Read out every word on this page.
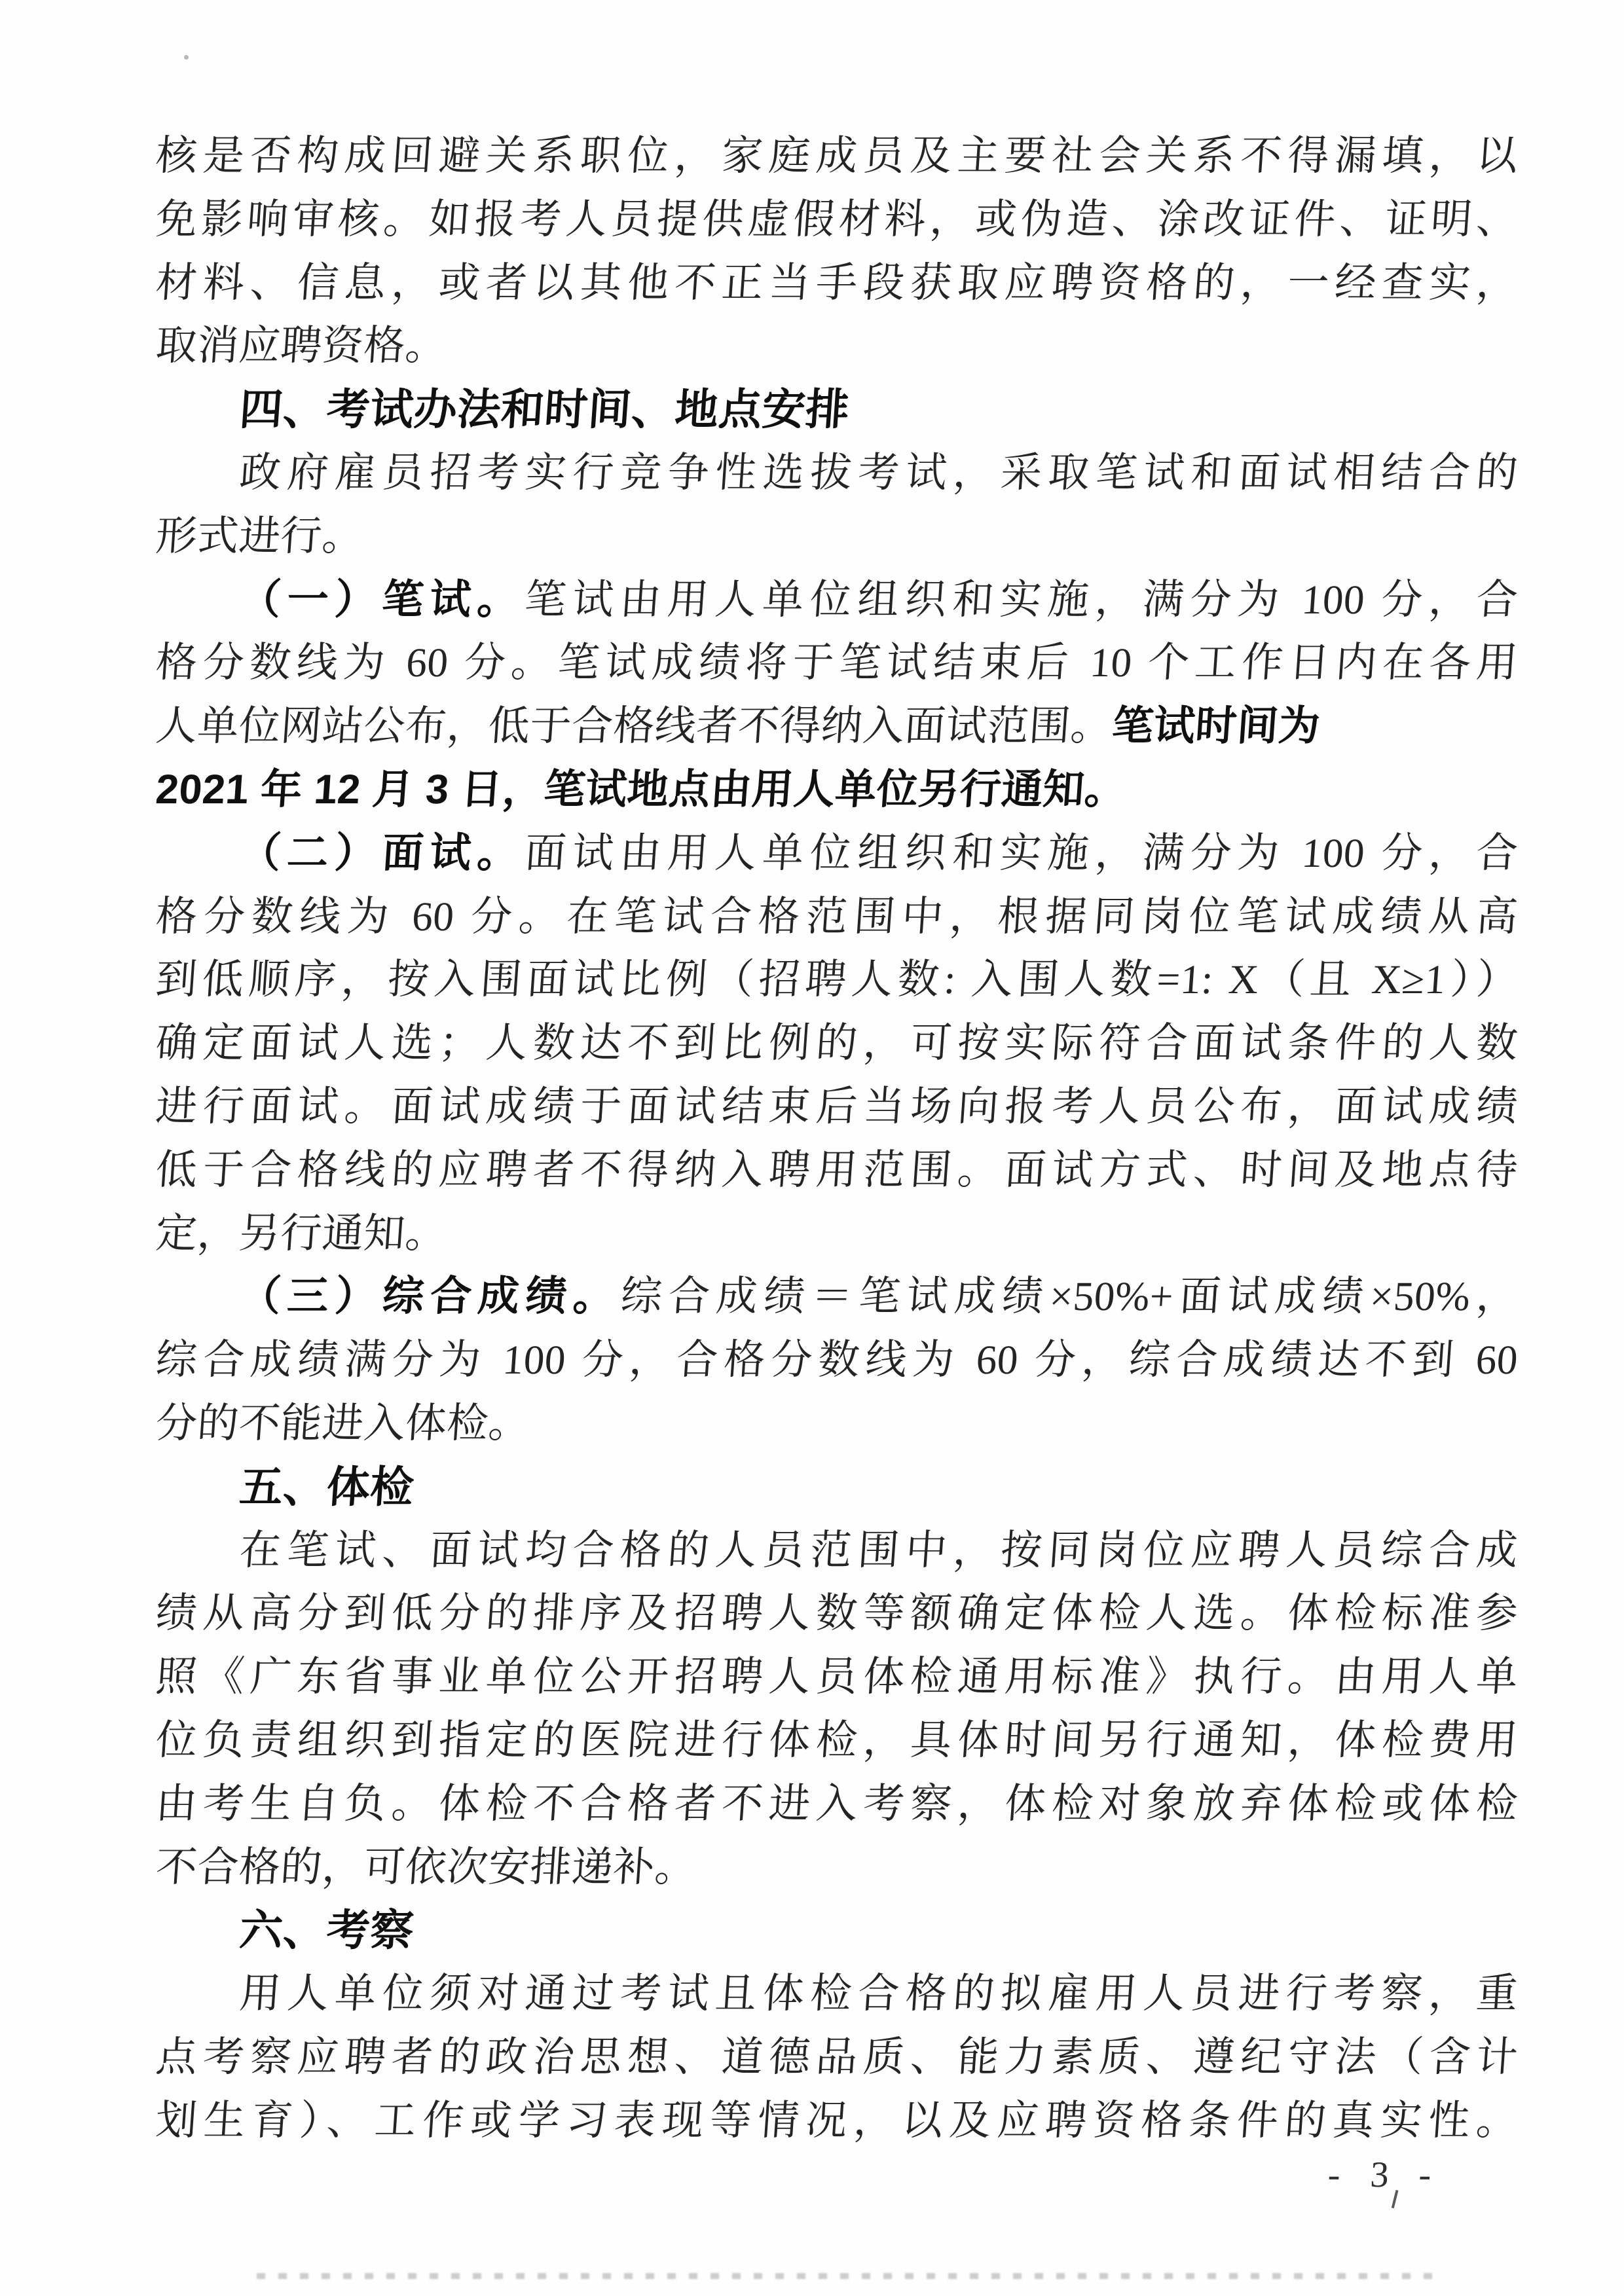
核是否构成回避关系职位，家庭成员及主要社会关系不得漏填，以
免影响审核。如报考人员提供虚假材料，或伪造、涂改证件、证明、
材料、信息，或者以其他不正当手段获取应聘资格的，一经查实，
取消应聘资格。
四、考试办法和时间、地点安排
政府雇员招考实行竞争性选拔考试，采取笔试和面试相结合的
形式进行。
（一）笔试。笔试由用人单位组织和实施，满分为 100 分，合
格分数线为 60 分。笔试成绩将于笔试结束后 10 个工作日内在各用
人单位网站公布，低于合格线者不得纳入面试范围。笔试时间为
2021 年 12 月 3 日，笔试地点由用人单位另行通知。
（二）面试。面试由用人单位组织和实施，满分为 100 分，合
格分数线为 60 分。在笔试合格范围中，根据同岗位笔试成绩从高
到低顺序，按入围面试比例（招聘人数: 入围人数=1: X（且 X≥1））
确定面试人选；人数达不到比例的，可按实际符合面试条件的人数
进行面试。面试成绩于面试结束后当场向报考人员公布，面试成绩
低于合格线的应聘者不得纳入聘用范围。面试方式、时间及地点待
定，另行通知。
（三）综合成绩。综合成绩＝笔试成绩×50%+面试成绩×50%，
综合成绩满分为 100 分，合格分数线为 60 分，综合成绩达不到 60
分的不能进入体检。
五、体检
在笔试、面试均合格的人员范围中，按同岗位应聘人员综合成
绩从高分到低分的排序及招聘人数等额确定体检人选。体检标准参
照《广东省事业单位公开招聘人员体检通用标准》执行。由用人单
位负责组织到指定的医院进行体检，具体时间另行通知，体检费用
由考生自负。体检不合格者不进入考察，体检对象放弃体检或体检
不合格的，可依次安排递补。
六、考察
用人单位须对通过考试且体检合格的拟雇用人员进行考察，重
点考察应聘者的政治思想、道德品质、能力素质、遵纪守法（含计
划生育）、工作或学习表现等情况，以及应聘资格条件的真实性。
- 3 -
